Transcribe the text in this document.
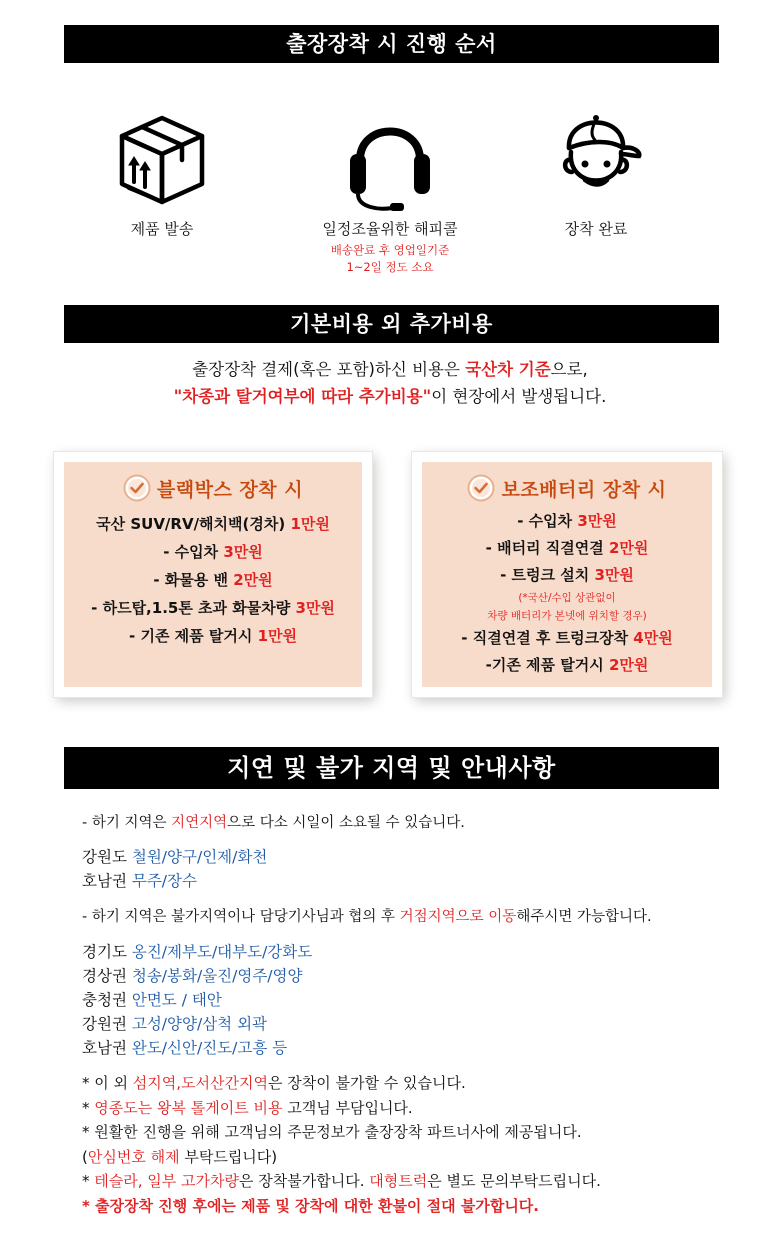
출장장착 시 진행 순서
제품 발송	일정조율위한 해피콜
배송완료 후 영업일기준
1~2일 정도 소요
장착 완료
기본비용 외 추가비용
출장장착 결제(혹은 포함)하신 비용은 국산차 기준으로,
"차종과 탈거여부에 따라 추가비용"이 현장에서 발생됩니다.
블랙박스 장착 시
국산 SUV/RV/해치백(경차) 1만원
- 수입차 3만원
- 화물용 밴 2만원
- 하드탑,1.5톤 초과 화물차량 3만원
- 기존 제품 탈거시 1만원
보조배터리 장착 시
- 수입차 3만원
- 배터리 직결연결 2만원
- 트렁크 설치 3만원
(*국산/수입 상관없이
차량 배터리가 본넷에 위치할 경우)
- 직결연결 후 트렁크장착 4만원
-기존 제품 탈거시 2만원
지연 및 불가 지역 및 안내사항

- 하기 지역은 지연지역으로 다소 시일이 소요될 수 있습니다.

강원도 철원/양구/인제/화천

호남권 무주/장수

- 하기 지역은 불가지역이나 담당기사님과 협의 후 거점지역으로 이동해주시면 가능합니다.

경기도 옹진/제부도/대부도/강화도

경상권 청송/봉화/울진/영주/영양

충청권 안면도 / 태안

강원권 고성/양양/삼척 외곽

호남권 완도/신안/진도/고흥 등

* 이 외 섬지역,도서산간지역은 장착이 불가할 수 있습니다.

* 영종도는 왕복 톨게이트 비용 고객님 부담입니다.

* 원활한 진행을 위해 고객님의 주문정보가 출장장착 파트너사에 제공됩니다.

(안심번호 해제 부탁드립니다)

* 테슬라, 일부 고가차량은 장착불가합니다. 대형트럭은 별도 문의부탁드립니다.

* 출장장착 진행 후에는 제품 및 장착에 대한 환불이 절대 불가합니다.
